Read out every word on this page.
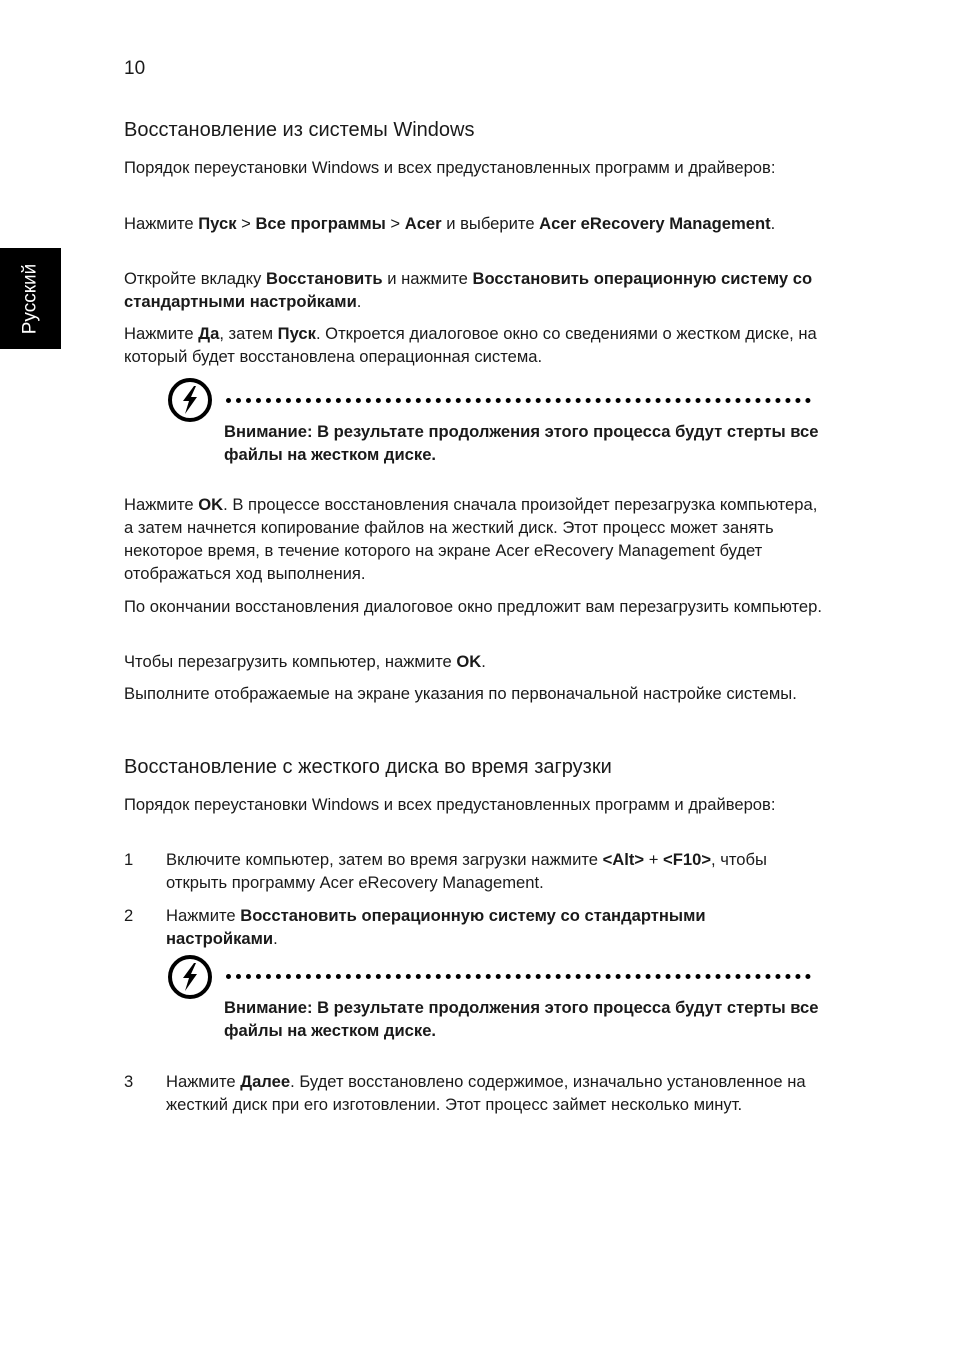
10
Русский
Восстановление из системы Windows
Порядок переустановки Windows и всех предустановленных программ и драйверов:
Нажмите Пуск > Все программы > Acer и выберите Acer eRecovery Management.
Откройте вкладку Восстановить и нажмите Восстановить операционную систему со стандартными настройками.
Нажмите Да, затем Пуск. Откроется диалоговое окно со сведениями о жестком диске, на который будет восстановлена операционная система.
Внимание: В результате продолжения этого процесса будут стерты все файлы на жестком диске.
Нажмите OK. В процессе восстановления сначала произойдет перезагрузка компьютера, а затем начнется копирование файлов на жесткий диск. Этот процесс может занять некоторое время, в течение которого на экране Acer eRecovery Management будет отображаться ход выполнения.
По окончании восстановления диалоговое окно предложит вам перезагрузить компьютер.
Чтобы перезагрузить компьютер, нажмите OK.
Выполните отображаемые на экране указания по первоначальной настройке системы.
Восстановление с жесткого диска во время загрузки
Порядок переустановки Windows и всех предустановленных программ и драйверов:
1 Включите компьютер, затем во время загрузки нажмите <Alt> + <F10>, чтобы открыть программу Acer eRecovery Management.
2 Нажмите Восстановить операционную систему со стандартными настройками.
Внимание: В результате продолжения этого процесса будут стерты все файлы на жестком диске.
3 Нажмите Далее. Будет восстановлено содержимое, изначально установленное на жесткий диск при его изготовлении. Этот процесс займет несколько минут.
